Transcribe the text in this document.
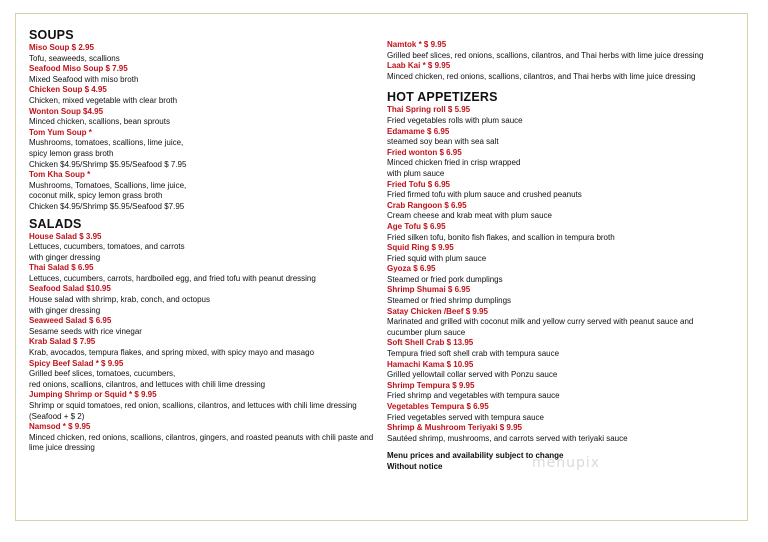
SOUPS
Miso Soup $ 2.95
Tofu, seaweeds, scallions
Seafood Miso Soup $ 7.95
Mixed Seafood with miso broth
Chicken Soup $ 4.95
Chicken, mixed vegetable with clear broth
Wonton Soup $4.95
Minced chicken, scallions, bean sprouts
Tom Yum Soup *
Mushrooms, tomatoes, scallions, lime juice,
spicy lemon grass broth
Chicken $4.95/Shrimp $5.95/Seafood $ 7.95
Tom Kha Soup *
Mushrooms, Tomatoes, Scallions, lime juice,
coconut milk, spicy lemon grass broth
Chicken $4.95/Shrimp $5.95/Seafood $7.95
SALADS
House Salad $ 3.95
Lettuces, cucumbers, tomatoes, and carrots
with ginger dressing
Thai Salad $ 6.95
Lettuces, cucumbers, carrots, hardboiled egg, and fried tofu with peanut dressing
Seafood Salad $10.95
House salad with shrimp, krab, conch, and octopus
with ginger dressing
Seaweed Salad $ 6.95
Sesame seeds with rice vinegar
Krab Salad $ 7.95
Krab, avocados, tempura flakes, and spring mixed, with spicy mayo and masago
Spicy Beef Salad * $ 9.95
Grilled beef slices, tomatoes, cucumbers,
red onions, scallions, cilantros, and lettuces with chili lime dressing
Jumping Shrimp or Squid * $ 9.95
Shrimp or squid tomatoes, red onion, scallions, cilantros, and lettuces with chili lime dressing
(Seafood + $ 2)
Namsod * $ 9.95
Minced chicken, red onions, scallions, cilantros, gingers, and roasted peanuts with chili paste and
lime juice dressing
Namtok * $ 9.95
Grilled beef slices, red onions, scallions, cilantros, and Thai herbs with lime juice dressing
Laab Kai * $ 9.95
Minced chicken, red onions, scallions, cilantros, and Thai herbs with lime juice dressing
HOT APPETIZERS
Thai Spring roll $ 5.95
Fried vegetables rolls with plum sauce
Edamame $ 6.95
steamed soy bean with sea salt
Fried wonton $ 6.95
Minced chicken fried in crisp wrapped
with plum sauce
Fried Tofu $ 6.95
Fried firmed tofu with plum sauce and crushed peanuts
Crab Rangoon $ 6.95
Cream cheese and krab meat with plum sauce
Age Tofu $ 6.95
Fried silken tofu, bonito fish flakes, and scallion in tempura broth
Squid Ring $ 9.95
Fried squid with plum sauce
Gyoza $ 6.95
Steamed or fried pork dumplings
Shrimp Shumai $ 6.95
Steamed or fried shrimp dumplings
Satay Chicken /Beef $ 9.95
Marinated and grilled with coconut milk and yellow curry served with peanut sauce and
cucumber plum sauce
Soft Shell Crab $ 13.95
Tempura fried soft shell crab with tempura sauce
Hamachi Kama $ 10.95
Grilled yellowtail collar served with Ponzu sauce
Shrimp Tempura $ 9.95
Fried shrimp and vegetables with tempura sauce
Vegetables Tempura $ 6.95
Fried vegetables served with tempura sauce
Shrimp & Mushroom Teriyaki $ 9.95
Sautéed shrimp, mushrooms, and carrots served with teriyaki sauce
Menu prices and availability subject to change
Without notice	menupix
